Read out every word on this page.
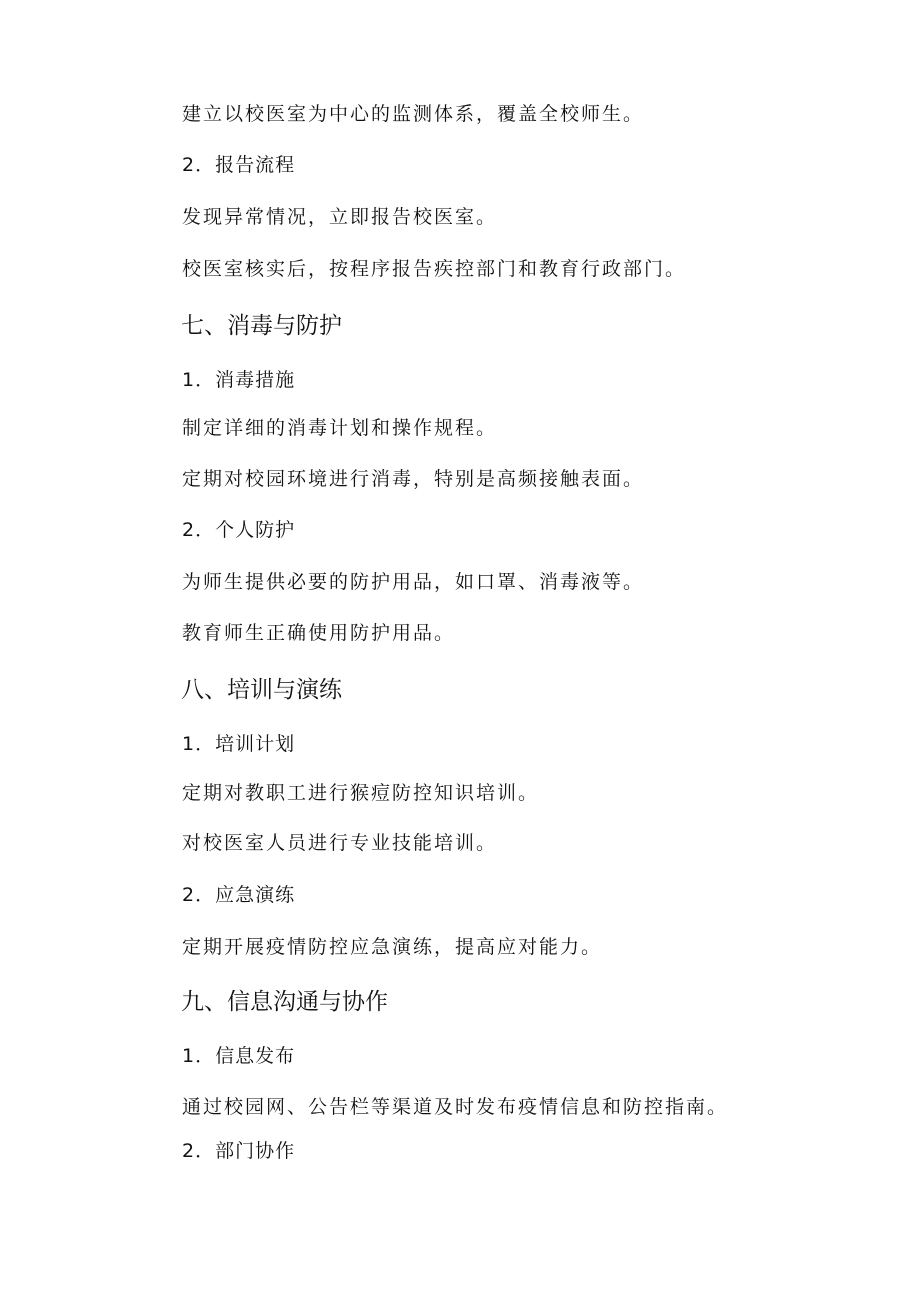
建立以校医室为中心的监测体系，覆盖全校师生。
2．报告流程
发现异常情况，立即报告校医室。
校医室核实后，按程序报告疾控部门和教育行政部门。
七、消毒与防护
1．消毒措施
制定详细的消毒计划和操作规程。
定期对校园环境进行消毒，特别是高频接触表面。
2．个人防护
为师生提供必要的防护用品，如口罩、消毒液等。
教育师生正确使用防护用品。
八、培训与演练
1．培训计划
定期对教职工进行猴痘防控知识培训。
对校医室人员进行专业技能培训。
2．应急演练
定期开展疫情防控应急演练，提高应对能力。
九、信息沟通与协作
1．信息发布
通过校园网、公告栏等渠道及时发布疫情信息和防控指南。
2．部门协作
